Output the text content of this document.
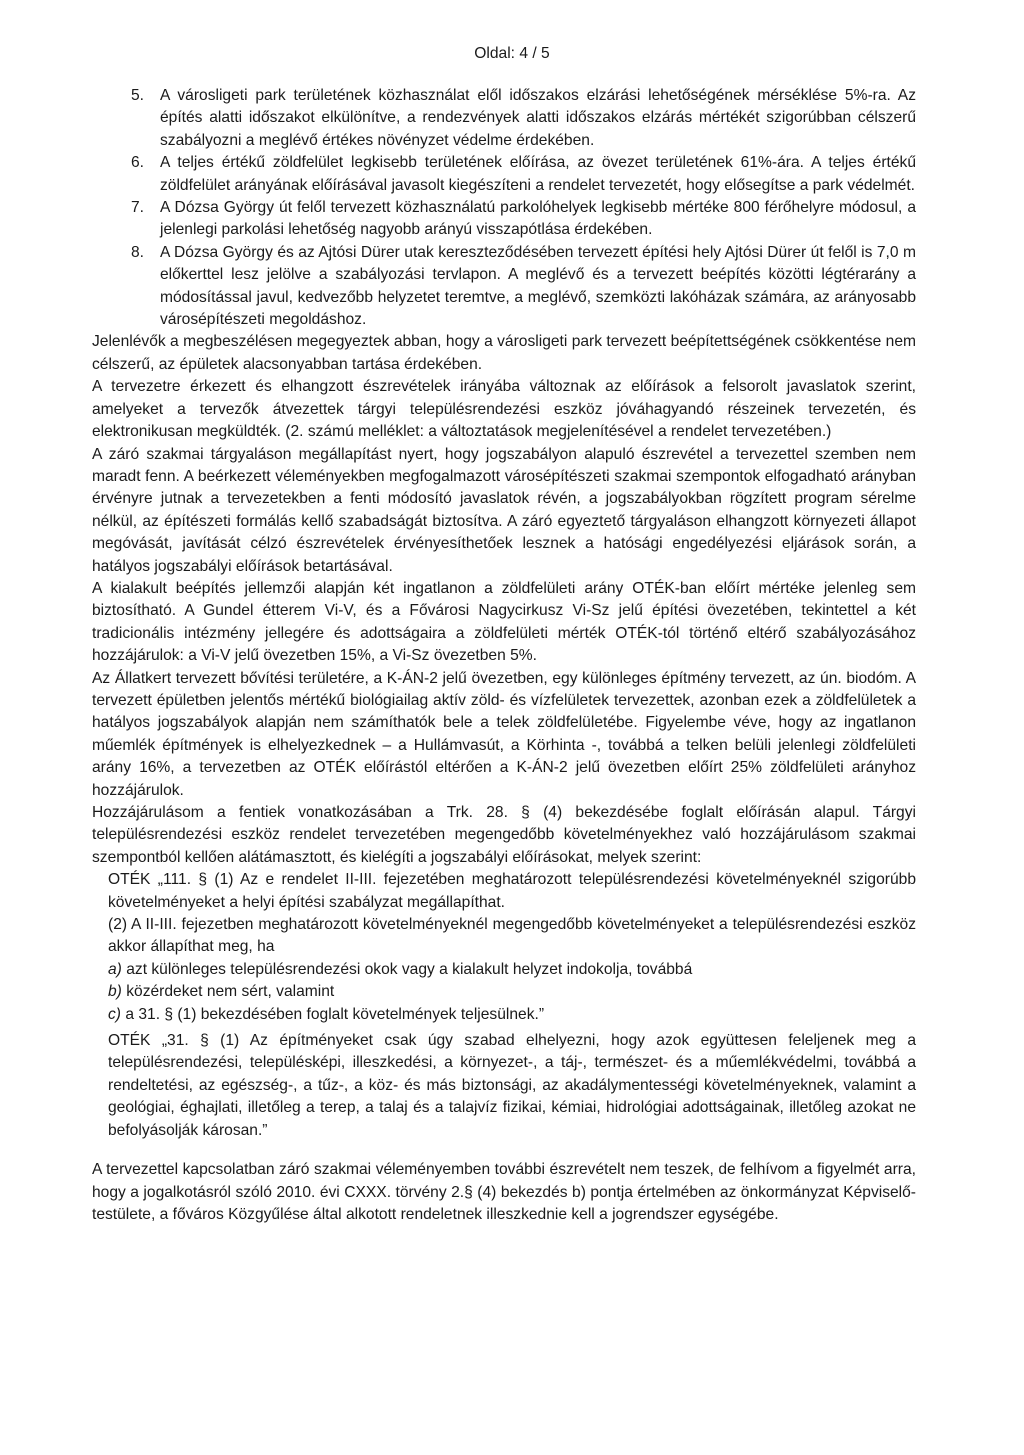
Oldal: 4 / 5
5. A városligeti park területének közhasználat elől időszakos elzárási lehetőségének mérséklése 5%-ra. Az építés alatti időszakot elkülönítve, a rendezvények alatti időszakos elzárás mértékét szigorúbban célszerű szabályozni a meglévő értékes növényzet védelme érdekében.

6. A teljes értékű zöldfelület legkisebb területének előírása, az övezet területének 61%-ára. A teljes értékű zöldfelület arányának előírásával javasolt kiegészíteni a rendelet tervezetét, hogy elősegítse a park védelmét.

7. A Dózsa György út felől tervezett közhasználatú parkolóhelyek legkisebb mértéke 800 férőhelyre módosul, a jelenlegi parkolási lehetőség nagyobb arányú visszapótlása érdekében.

8. A Dózsa György és az Ajtósi Dürer utak kereszteződésében tervezett építési hely Ajtósi Dürer út felől is 7,0 m előkerttel lesz jelölve a szabályozási tervlapon. A meglévő és a tervezett beépítés közötti légtérarány a módosítással javul, kedvezőbb helyzetet teremtve, a meglévő, szemközti lakóházak számára, az arányosabb városépítészeti megoldáshoz.

Jelenlévők a megbeszélésen megegyeztek abban, hogy a városligeti park tervezett beépítettségének csökkentése nem célszerű, az épületek alacsonyabban tartása érdekében.

A tervezetre érkezett és elhangzott észrevételek irányába változnak az előírások a felsorolt javaslatok szerint, amelyeket a tervezők átvezettek tárgyi településrendezési eszköz jóváhagyandó részeinek tervezetén, és elektronikusan megküldték. (2. számú melléklet: a változtatások megjelenítésével a rendelet tervezetében.)

A záró szakmai tárgyaláson megállapítást nyert, hogy jogszabályon alapuló észrevétel a tervezettel szemben nem maradt fenn. A beérkezett véleményekben megfogalmazott városépítészeti szakmai szempontok elfogadható arányban érvényre jutnak a tervezetekben a fenti módosító javaslatok révén, a jogszabályokban rögzített program sérelme nélkül, az építészeti formálás kellő szabadságát biztosítva. A záró egyeztető tárgyaláson elhangzott környezeti állapot megóvását, javítását célzó észrevételek érvényesíthetőek lesznek a hatósági engedélyezési eljárások során, a hatályos jogszabályi előírások betartásával.

A kialakult beépítés jellemzői alapján két ingatlanon a zöldfelületi arány OTÉK-ban előírt mértéke jelenleg sem biztosítható. A Gundel étterem Vi-V, és a Fővárosi Nagycirkusz Vi-Sz jelű építési övezetében, tekintettel a két tradicionális intézmény jellegére és adottságaira a zöldfelületi mérték OTÉK-tól történő eltérő szabályozásához hozzájárulok: a Vi-V jelű övezetben 15%, a Vi-Sz övezetben 5%.

Az Állatkert tervezett bővítési területére, a K-ÁN-2 jelű övezetben, egy különleges építmény tervezett, az ún. biodóm. A tervezett épületben jelentős mértékű biológiailag aktív zöld- és vízfelületek tervezettek, azonban ezek a zöldfelületek a hatályos jogszabályok alapján nem számíthatók bele a telek zöldfelületébe. Figyelembe véve, hogy az ingatlanon műemlék építmények is elhelyezkednek – a Hullámvasút, a Körhinta -, továbbá a telken belüli jelenlegi zöldfelületi arány 16%, a tervezetben az OTÉK előírástól eltérően a K-ÁN-2 jelű övezetben előírt 25% zöldfelületi arányhoz hozzájárulok.

Hozzájárulásom a fentiek vonatkozásában a Trk. 28. § (4) bekezdésébe foglalt előírásán alapul. Tárgyi településrendezési eszköz rendelet tervezetében megengedőbb követelményekhez való hozzájárulásom szakmai szempontból kellően alátámasztott, és kielégíti a jogszabályi előírásokat, melyek szerint:

OTÉK „111. § (1) Az e rendelet II-III. fejezetében meghatározott településrendezési követelményeknél szigorúbb követelményeket a helyi építési szabályzat megállapíthat.

(2) A II-III. fejezetben meghatározott követelményeknél megengedőbb követelményeket a településrendezési eszköz akkor állapíthat meg, ha

a) azt különleges településrendezési okok vagy a kialakult helyzet indokolja, továbbá

b) közérdeket nem sért, valamint

c) a 31. § (1) bekezdésében foglalt követelmények teljesülnek.”

OTÉK „31. § (1) Az építményeket csak úgy szabad elhelyezni, hogy azok együttesen feleljenek meg a településrendezési, településképi, illeszkedési, a környezet-, a táj-, természet- és a műemlékvédelmi, továbbá a rendeltetési, az egészség-, a tűz-, a köz- és más biztonsági, az akadálymentességi követelményeknek, valamint a geológiai, éghajlati, illetőleg a terep, a talaj és a talajvíz fizikai, kémiai, hidrológiai adottságainak, illetőleg azokat ne befolyásolják károsan.”

A tervezettel kapcsolatban záró szakmai véleményemben további észrevételt nem teszek, de felhívom a figyelmét arra, hogy a jogalkotásról szóló 2010. évi CXXX. törvény 2.§ (4) bekezdés b) pontja értelmében az önkormányzat Képviselő-testülete, a főváros Közgyűlése által alkotott rendeletnek illeszkednie kell a jogrendszer egységébe.
